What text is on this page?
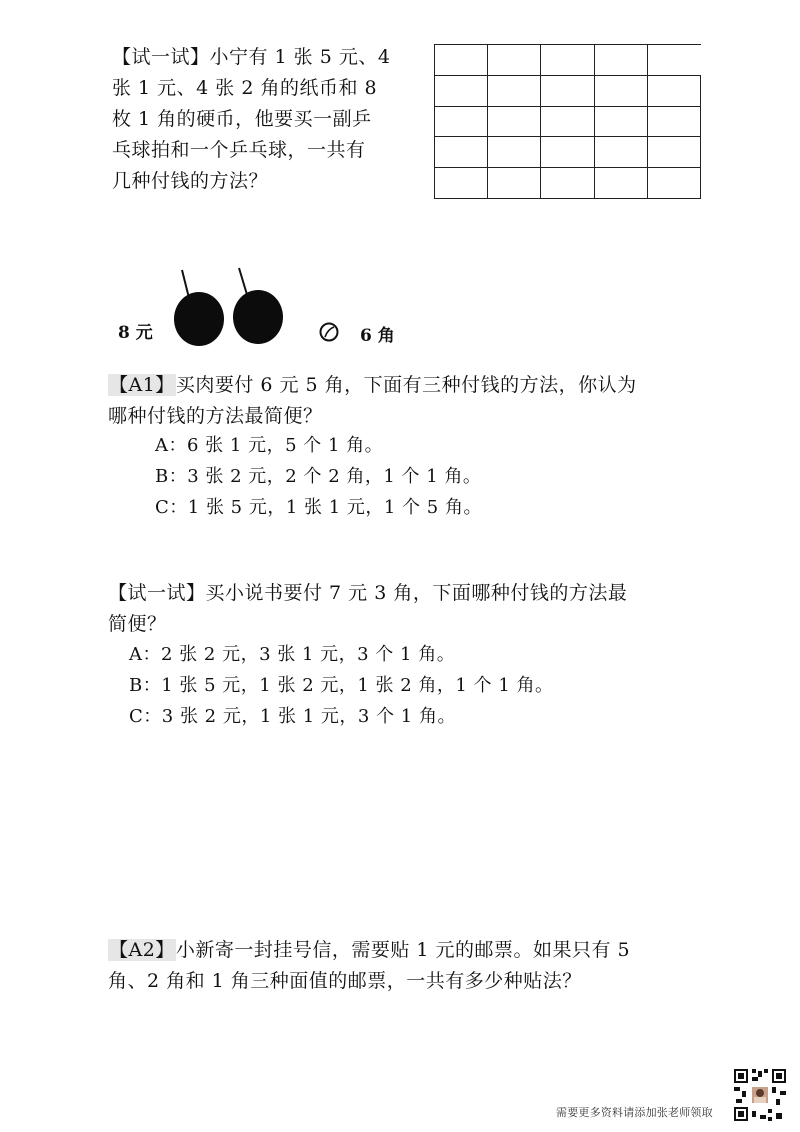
【试一试】小宁有 1 张 5 元、4
张 1 元、4 张 2 角的纸币和 8
枚 1 角的硬币，他要买一副乒
乓球拍和一个乒乓球，一共有
几种付钱的方法？

8 元	6 角
【A1】买肉要付 6 元 5 角，下面有三种付钱的方法，你认为
哪种付钱的方法最简便？
A：6 张 1 元，5 个 1 角。
B：3 张 2 元，2 个 2 角，1 个 1 角。
C：1 张 5 元，1 张 1 元，1 个 5 角。
【试一试】买小说书要付 7 元 3 角，下面哪种付钱的方法最
简便？
A：2 张 2 元，3 张 1 元，3 个 1 角。
B：1 张 5 元，1 张 2 元，1 张 2 角，1 个 1 角。
C：3 张 2 元，1 张 1 元，3 个 1 角。
【A2】小新寄一封挂号信，需要贴 1 元的邮票。如果只有 5
角、2 角和 1 角三种面值的邮票，一共有多少种贴法？
需要更多资料请添加张老师领取
